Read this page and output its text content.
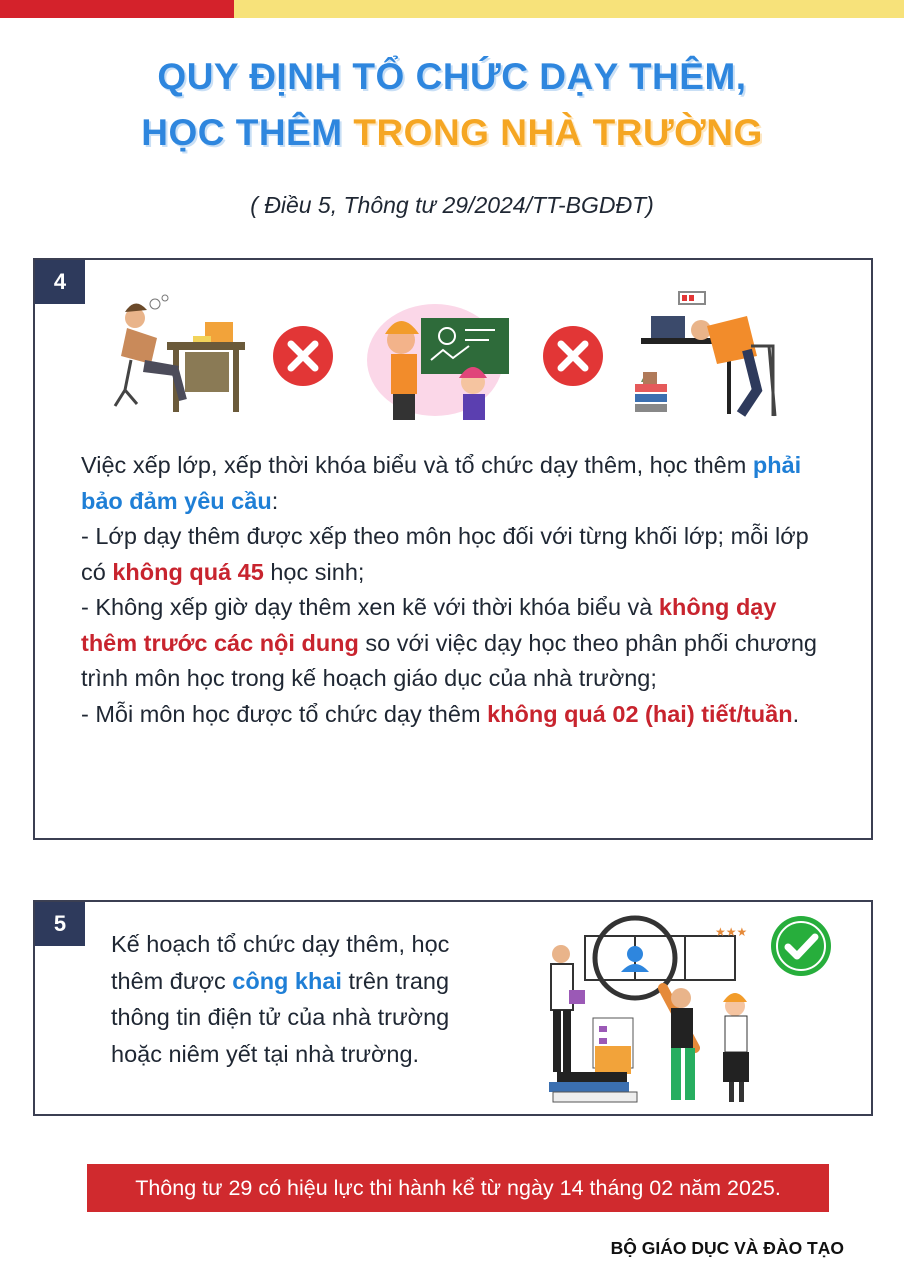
QUY ĐỊNH TỔ CHỨC DẠY THÊM,
HỌC THÊM TRONG NHÀ TRƯỜNG
( Điều 5, Thông tư 29/2024/TT-BGDĐT)
4
Việc xếp lớp, xếp thời khóa biểu và tổ chức dạy thêm, học thêm phải bảo đảm yêu cầu:
- Lớp dạy thêm được xếp theo môn học đối với từng khối lớp; mỗi lớp có không quá 45 học sinh;
- Không xếp giờ dạy thêm xen kẽ với thời khóa biểu và không dạy thêm trước các nội dung so với việc dạy học theo phân phối chương trình môn học trong kế hoạch giáo dục của nhà trường;
- Mỗi môn học được tổ chức dạy thêm không quá 02 (hai) tiết/tuần.
5
Kế hoạch tổ chức dạy thêm, học thêm được công khai trên trang thông tin điện tử của nhà trường hoặc niêm yết tại nhà trường.
★★★
Thông tư 29 có hiệu lực thi hành kể từ ngày 14 tháng 02 năm 2025.
BỘ GIÁO DỤC VÀ ĐÀO TẠO
